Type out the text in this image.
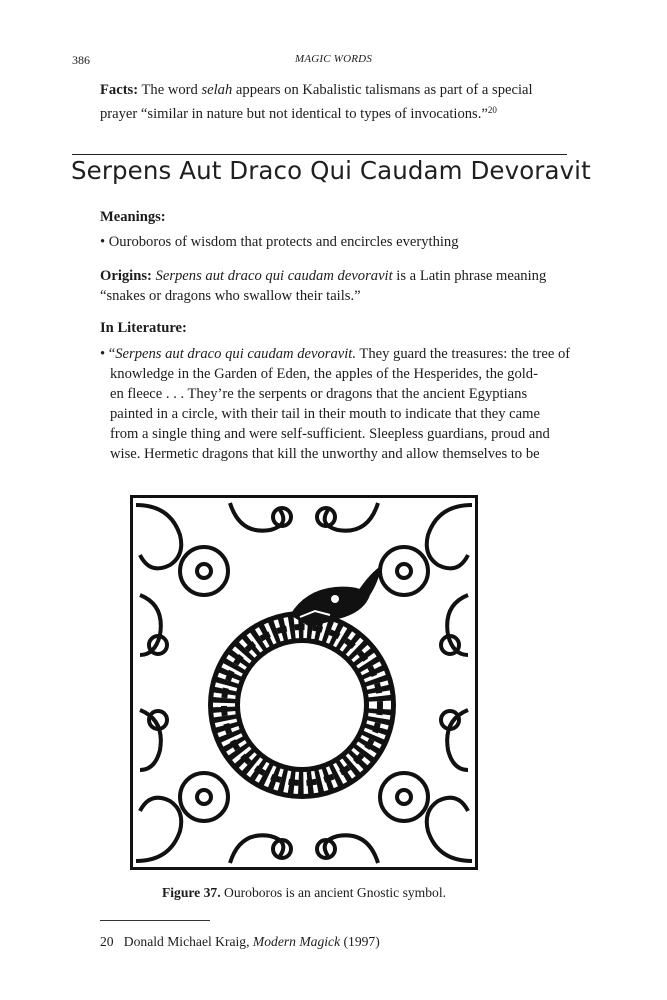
386	MAGIC WORDS
Facts: The word selah appears on Kabalistic talismans as part of a special
prayer “similar in nature but not identical to types of invocations.”$^{20}$
Serpens Aut Draco Qui Caudam Devoravit
Meanings:
• Ouroboros of wisdom that protects and encircles everything
Origins: Serpens aut draco qui caudam devoravit is a Latin phrase meaning
“snakes or dragons who swallow their tails.”
In Literature:
• “Serpens aut draco qui caudam devoravit. They guard the treasures: the tree of
knowledge in the Garden of Eden, the apples of the Hesperides, the gold-
en fleece . . . They’re the serpents or dragons that the ancient Egyptians
painted in a circle, with their tail in their mouth to indicate that they came
from a single thing and were self-sufficient. Sleepless guardians, proud and
wise. Hermetic dragons that kill the unworthy and allow themselves to be
Figure 37. Ouroboros is an ancient Gnostic symbol.
20 Donald Michael Kraig, Modern Magick (1997)
